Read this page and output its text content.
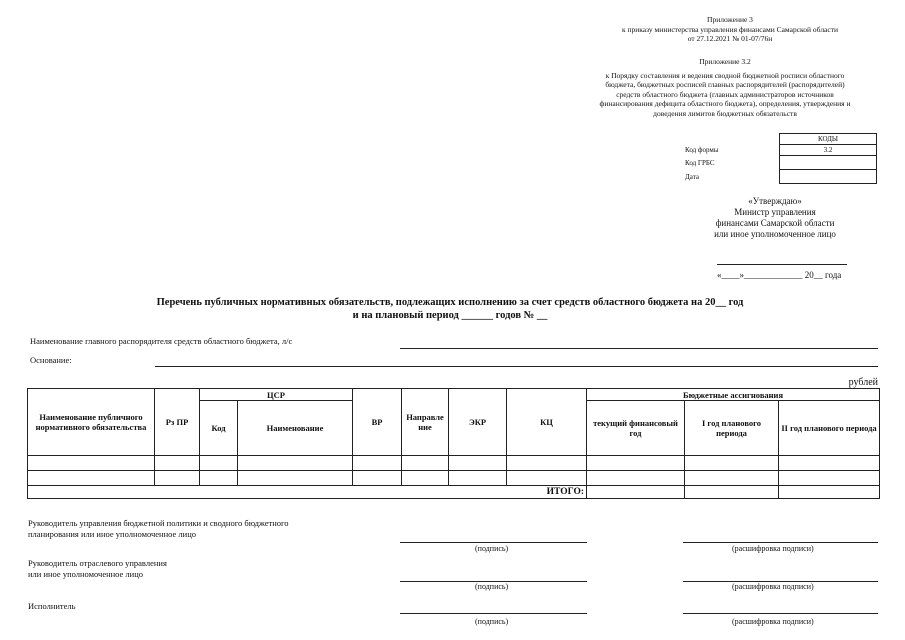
Приложение 3
к приказу министерства управления финансами Самарской области
от 27.12.2021 № 01-07/76н
Приложение 3.2
к Порядку составления и ведения сводной бюджетной росписи областного
бюджета, бюджетных росписей главных распорядителей (распорядителей)
средств областного бюджета (главных администраторов источников
финансирования дефицита областного бюджета), определения, утверждения и
доведения лимитов бюджетных обязательств
	КОДЫ
Код формы	3.2
Код ГРБС	
Дата	
«Утверждаю»
Министр управления
финансами Самарской области
или иное уполномоченное лицо
«____»_____________ 20__ года
Перечень публичных нормативных обязательств, подлежащих исполнению за счет средств областного бюджета на 20__ год
и на плановый период ______ годов № __
Наименование главного распорядителя средств областного бюджета, л/с
Основание:
рублей
Наименование публичного нормативного обязательства	Рз ПР	ЦСР		ВР	Направле ние	ЭКР	КЦ	Бюджетные ассигнования		
		Код	Наименование					текущий финансовый год	I год планового периода	II год планового периода

							ИТОГО:			
Руководитель управления бюджетной политики и сводного бюджетного
планирования или иное уполномоченное лицо
(подпись)	(расшифровка подписи)
Руководитель отраслевого управления
или иное уполномоченное лицо
(подпись)	(расшифровка подписи)
Исполнитель
(подпись)	(расшифровка подписи)
